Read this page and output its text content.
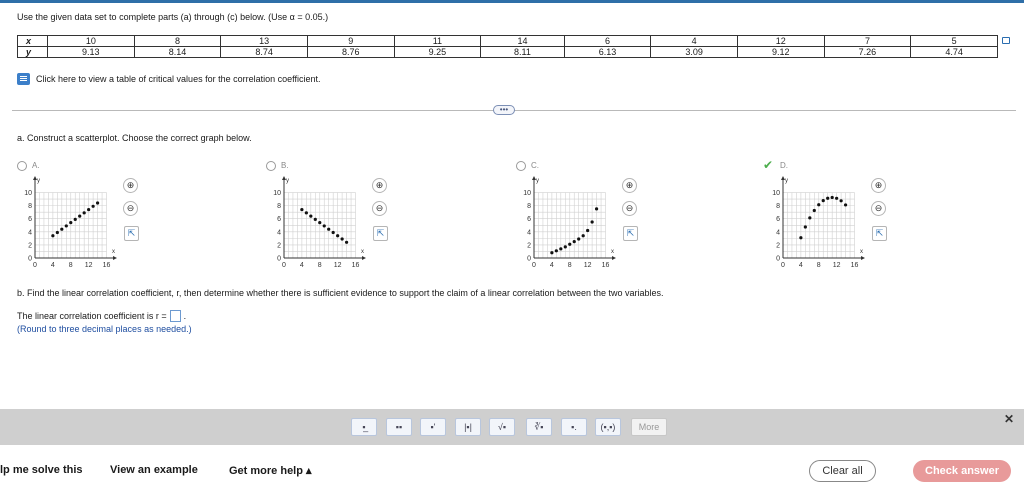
Use the given data set to complete parts (a) through (c) below. (Use α = 0.05.)
x	10	8	13	9	11	14	6	4	12	7	5
y	9.13	8.14	8.74	8.76	9.25	8.11	6.13	3.09	9.12	7.26	4.74
Click here to view a table of critical values for the correlation coefficient.
•••
a. Construct a scatterplot. Choose the correct graph below.
A.
x
y
0 4 8 12 16
0
2
4
6
8
10
⊕
⊖
⇱
B.
x
y
0 4 8 12 16
0
2
4
6
8
10
⊕
⊖
⇱
C.
x
y
0 4 8 12 16
0
2
4
6
8
10
⊕
⊖
⇱
✔ D.
x
y
0 4 8 12 16
0
2
4
6
8
10
⊕
⊖
⇱
b. Find the linear correlation coefficient, r, then determine whether there is sufficient evidence to support the claim of a linear correlation between the two variables.
The linear correlation coefficient is r = .
(Round to three decimal places as needed.)
More
▪̲	▪▪	▪'	|▪|	√▪	∛▪	▪.	(▪,▪)
✕
lp me solve this View an example	Get more help ▴	Clear all	Check answer
